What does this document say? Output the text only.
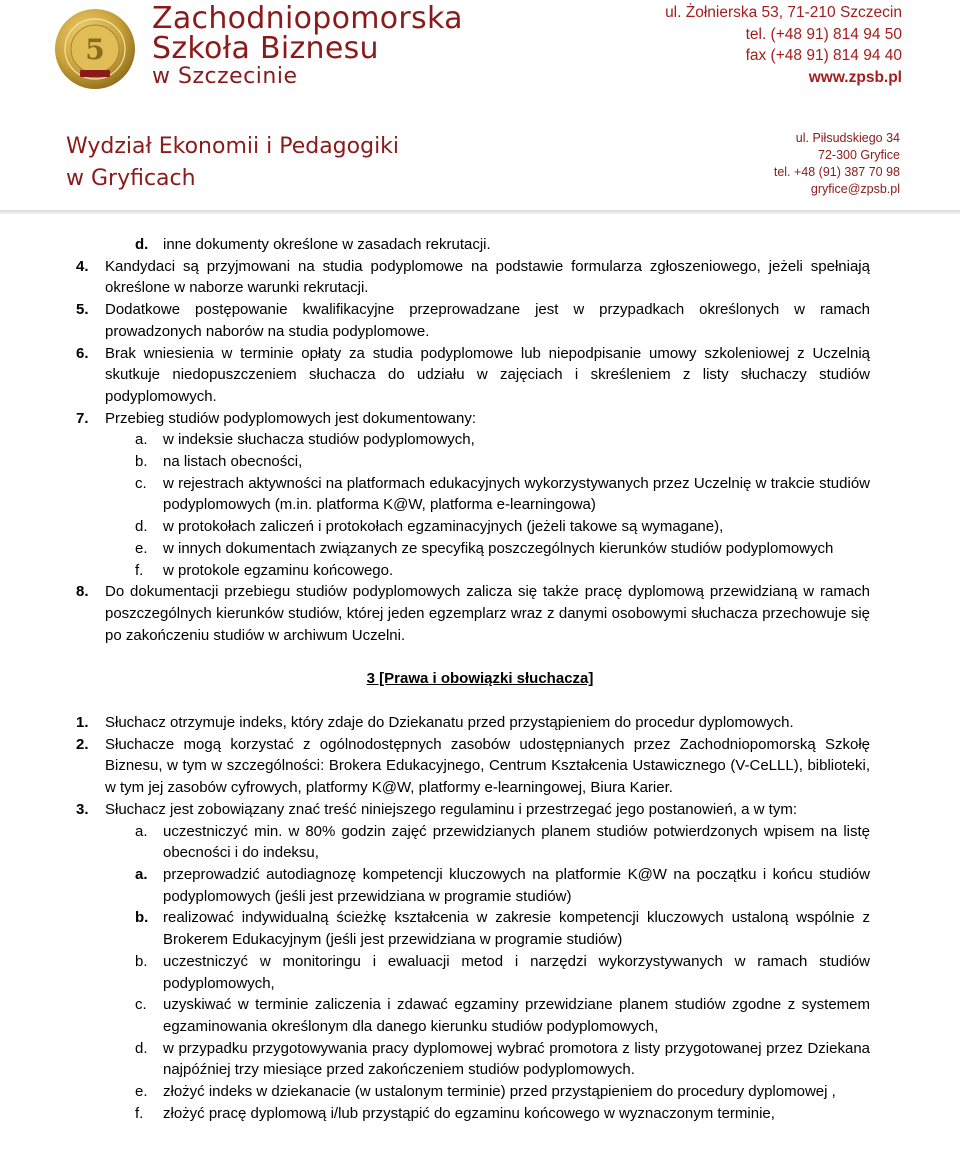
5
Zachodniopomorska
Szkoła Biznesu
w Szczecinie
ul. Żołnierska 53, 71-210 Szczecin
tel. (+48 91) 814 94 50
fax (+48 91) 814 94 40
www.zpsb.pl
Wydział Ekonomii i Pedagogiki
w Gryficach
ul. Piłsudskiego 34
72-300 Gryfice
tel. +48 (91) 387 70 98
gryfice@zpsb.pl
d. inne dokumenty określone w zasadach rekrutacji.
4. Kandydaci są przyjmowani na studia podyplomowe na podstawie formularza zgłoszeniowego, jeżeli spełniają określone w naborze warunki rekrutacji.
5. Dodatkowe postępowanie kwalifikacyjne przeprowadzane jest w przypadkach określonych w ramach prowadzonych naborów na studia podyplomowe.
6. Brak wniesienia w terminie opłaty za studia podyplomowe lub niepodpisanie umowy szkoleniowej z Uczelnią skutkuje niedopuszczeniem słuchacza do udziału w zajęciach i skreśleniem z listy słuchaczy studiów podyplomowych.
7. Przebieg studiów podyplomowych jest dokumentowany:
a. w indeksie słuchacza studiów podyplomowych,
b. na listach obecności,
c. w rejestrach aktywności na platformach edukacyjnych wykorzystywanych przez Uczelnię w trakcie studiów podyplomowych (m.in. platforma K@W, platforma e-learningowa)
d. w protokołach zaliczeń i protokołach egzaminacyjnych (jeżeli takowe są wymagane),
e. w innych dokumentach związanych ze specyfiką poszczególnych kierunków studiów podyplomowych
f. w protokole egzaminu końcowego.
8. Do dokumentacji przebiegu studiów podyplomowych zalicza się także pracę dyplomową przewidzianą w ramach poszczególnych kierunków studiów, której jeden egzemplarz wraz z danymi osobowymi słuchacza przechowuje się po zakończeniu studiów w archiwum Uczelni.
3 [Prawa i obowiązki słuchacza]
1. Słuchacz otrzymuje indeks, który zdaje do Dziekanatu przed przystąpieniem do procedur dyplomowych.
2. Słuchacze mogą korzystać z ogólnodostępnych zasobów udostępnianych przez Zachodniopomorską Szkołę Biznesu, w tym w szczególności: Brokera Edukacyjnego, Centrum Kształcenia Ustawicznego (V-CeLLL), biblioteki, w tym jej zasobów cyfrowych, platformy K@W, platformy e-learningowej, Biura Karier.
3. Słuchacz jest zobowiązany znać treść niniejszego regulaminu i przestrzegać jego postanowień, a w tym:
a. uczestniczyć min. w 80% godzin zajęć przewidzianych planem studiów potwierdzonych wpisem na listę obecności i do indeksu,
a. przeprowadzić autodiagnozę kompetencji kluczowych na platformie K@W na początku i końcu studiów podyplomowych (jeśli jest przewidziana w programie studiów)
b. realizować indywidualną ścieżkę kształcenia w zakresie kompetencji kluczowych ustaloną wspólnie z Brokerem Edukacyjnym (jeśli jest przewidziana w programie studiów)
b. uczestniczyć w monitoringu i ewaluacji metod i narzędzi wykorzystywanych w ramach studiów podyplomowych,
c. uzyskiwać w terminie zaliczenia i zdawać egzaminy przewidziane planem studiów zgodne z systemem egzaminowania określonym dla danego kierunku studiów podyplomowych,
d. w przypadku przygotowywania pracy dyplomowej wybrać promotora z listy przygotowanej przez Dziekana najpóźniej trzy miesiące przed zakończeniem studiów podyplomowych.
e. złożyć indeks w dziekanacie (w ustalonym terminie) przed przystąpieniem do procedury dyplomowej ,
f. złożyć pracę dyplomową i/lub przystąpić do egzaminu końcowego w wyznaczonym terminie,
